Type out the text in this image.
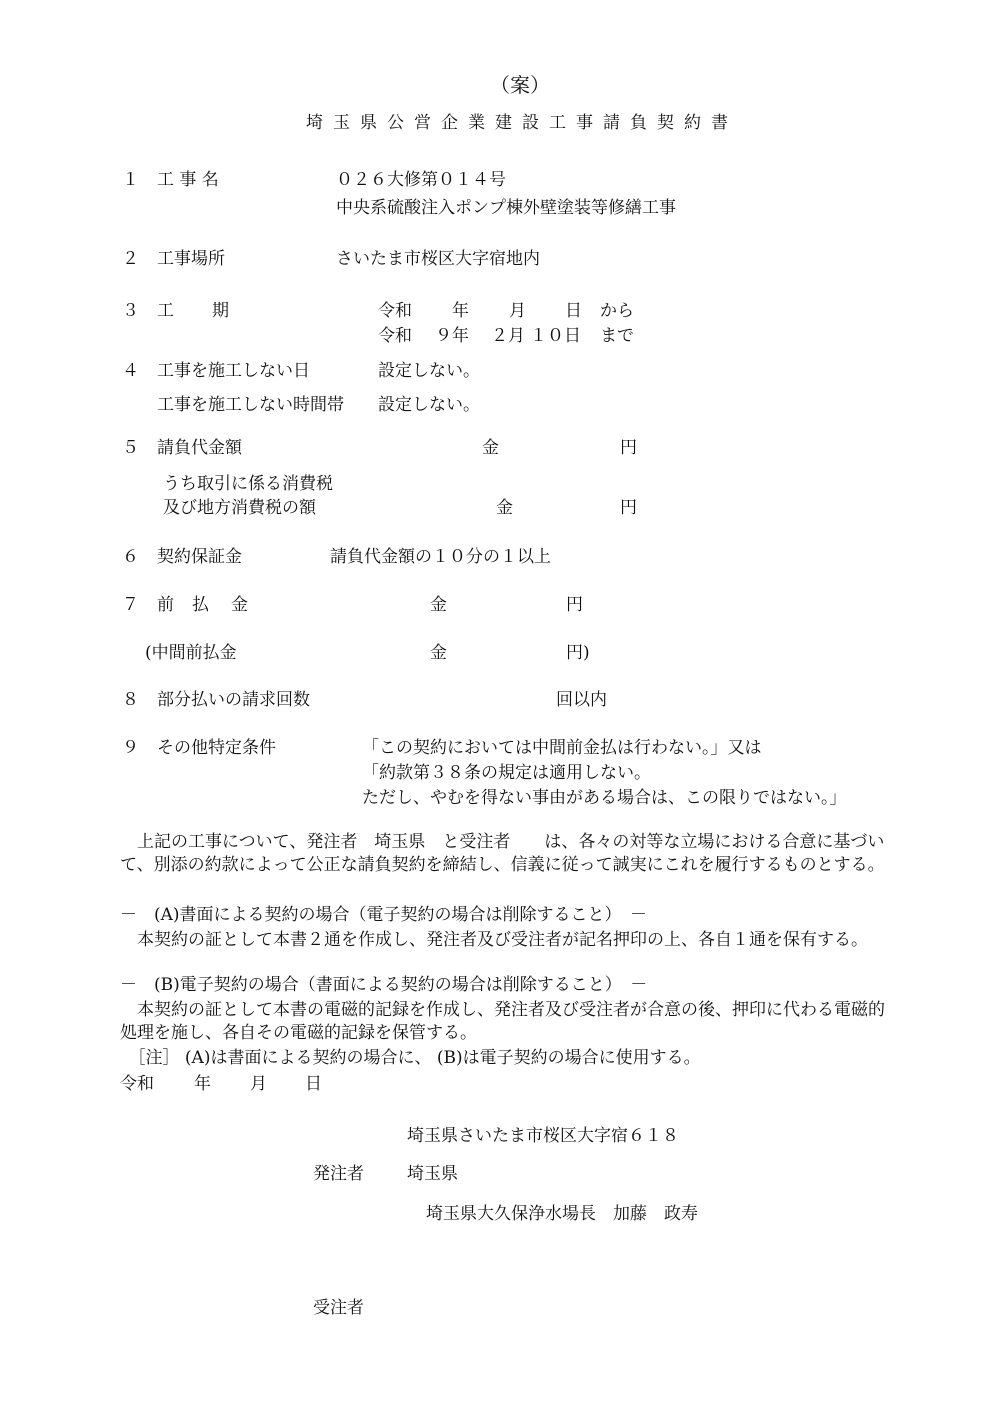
（案）
埼玉県公営企業建設工事請負契約書
１ 工 事 名	０２６大修第０１４号
中央系硫酸注入ポンプ棟外壁塗装等修繕工事
２ 工事場所	さいたま市桜区大字宿地内
３ 工 期	令和 年 月 日 から
令和 ９年 ２月 １０日 まで
４ 工事を施工しない日	設定しない。
工事を施工しない時間帯 設定しない。
５ 請負代金額	金	円
うち取引に係る消費税
及び地方消費税の額	金	円
６ 契約保証金	請負代金額の１０分の１以上
７ 前 払 金	金	円
(中間前払金	金	円)
８ 部分払いの請求回数	回以内
９ その他特定条件	「この契約においては中間前金払は行わない。」又は
「約款第３８条の規定は適用しない。
ただし、やむを得ない事由がある場合は、この限りではない。」
　上記の工事について、発注者　埼玉県　と受注者　　は、各々の対等な立場における合意に基づいて、別添の約款によって公正な請負契約を締結し、信義に従って誠実にこれを履行するものとする。
－　(A)書面による契約の場合（電子契約の場合は削除すること）　－
　本契約の証として本書２通を作成し、発注者及び受注者が記名押印の上、各自１通を保有する。
－　(B)電子契約の場合（書面による契約の場合は削除すること）　－
　本契約の証として本書の電磁的記録を作成し、発注者及び受注者が合意の後、押印に代わる電磁的処理を施し、各自その電磁的記録を保管する。
　［注］ (A)は書面による契約の場合に、 (B)は電子契約の場合に使用する。
令和 年 月 日
埼玉県さいたま市桜区大字宿６１８
発注者	埼玉県
埼玉県大久保浄水場長　加藤　政寿
受注者
